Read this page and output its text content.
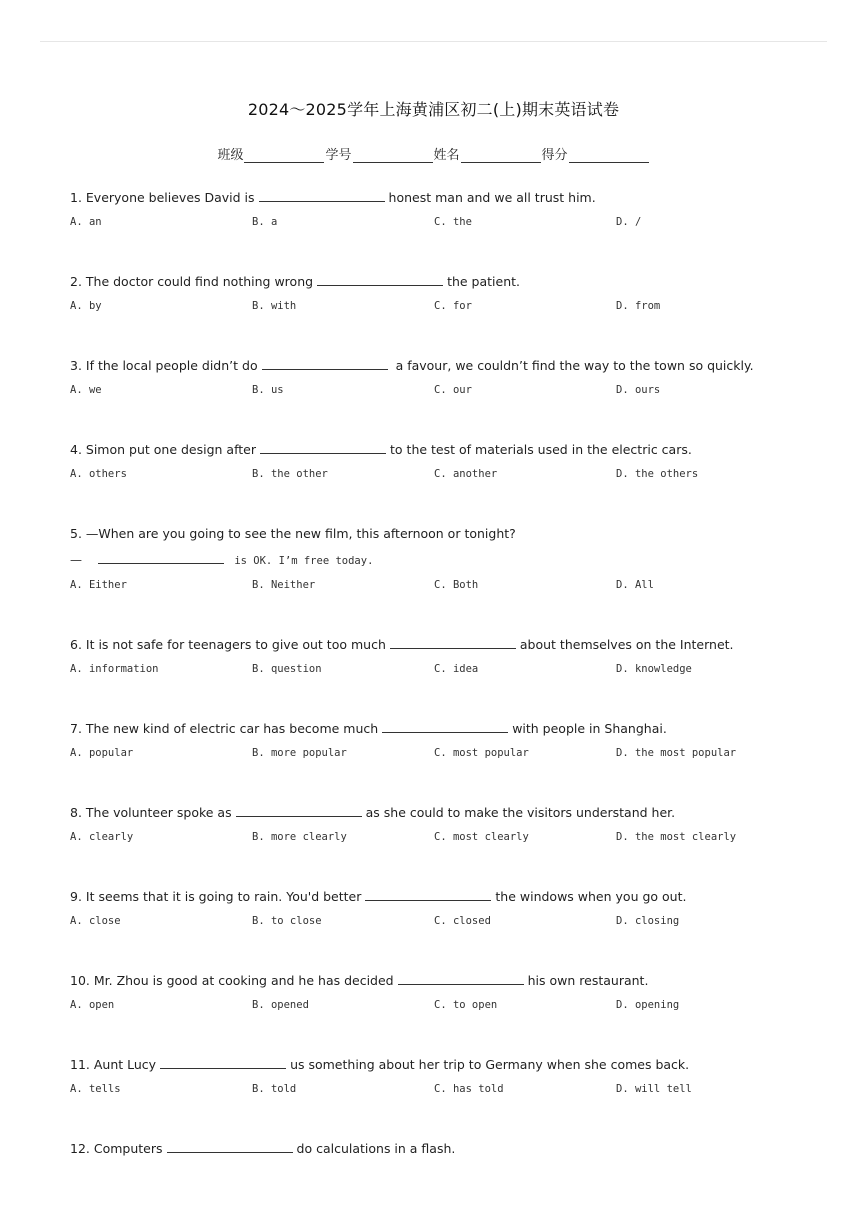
2024～2025学年上海黄浦区初二(上)期末英语试卷
班级	学号	姓名	得分
1. Everyone believes David is	honest man and we all trust him.
A. an	B. a	C. the	D. /
2. The doctor could find nothing wrong	the patient.
A. by	B. with	C. for	D. from
3. If the local people didn’t do	a favour, we couldn’t find the way to the town so quickly.
A. we	B. us	C. our	D. ours
4. Simon put one design after	to the test of materials used in the electric cars.
A. others	B. the other	C. another	D. the others
5. —When are you going to see the new film, this afternoon or tonight?
—	is OK. I’m free today.
A. Either	B. Neither	C. Both	D. All
6. It is not safe for teenagers to give out too much	about themselves on the Internet.
A. information	B. question	C. idea	D. knowledge
7. The new kind of electric car has become much	with people in Shanghai.
A. popular	B. more popular	C. most popular	D. the most popular
8. The volunteer spoke as	as she could to make the visitors understand her.
A. clearly	B. more clearly	C. most clearly	D. the most clearly
9. It seems that it is going to rain. You'd better	the windows when you go out.
A. close	B. to close	C. closed	D. closing
10. Mr. Zhou is good at cooking and he has decided	his own restaurant.
A. open	B. opened	C. to open	D. opening
11. Aunt Lucy	us something about her trip to Germany when she comes back.
A. tells	B. told	C. has told	D. will tell
12. Computers	do calculations in a flash.
